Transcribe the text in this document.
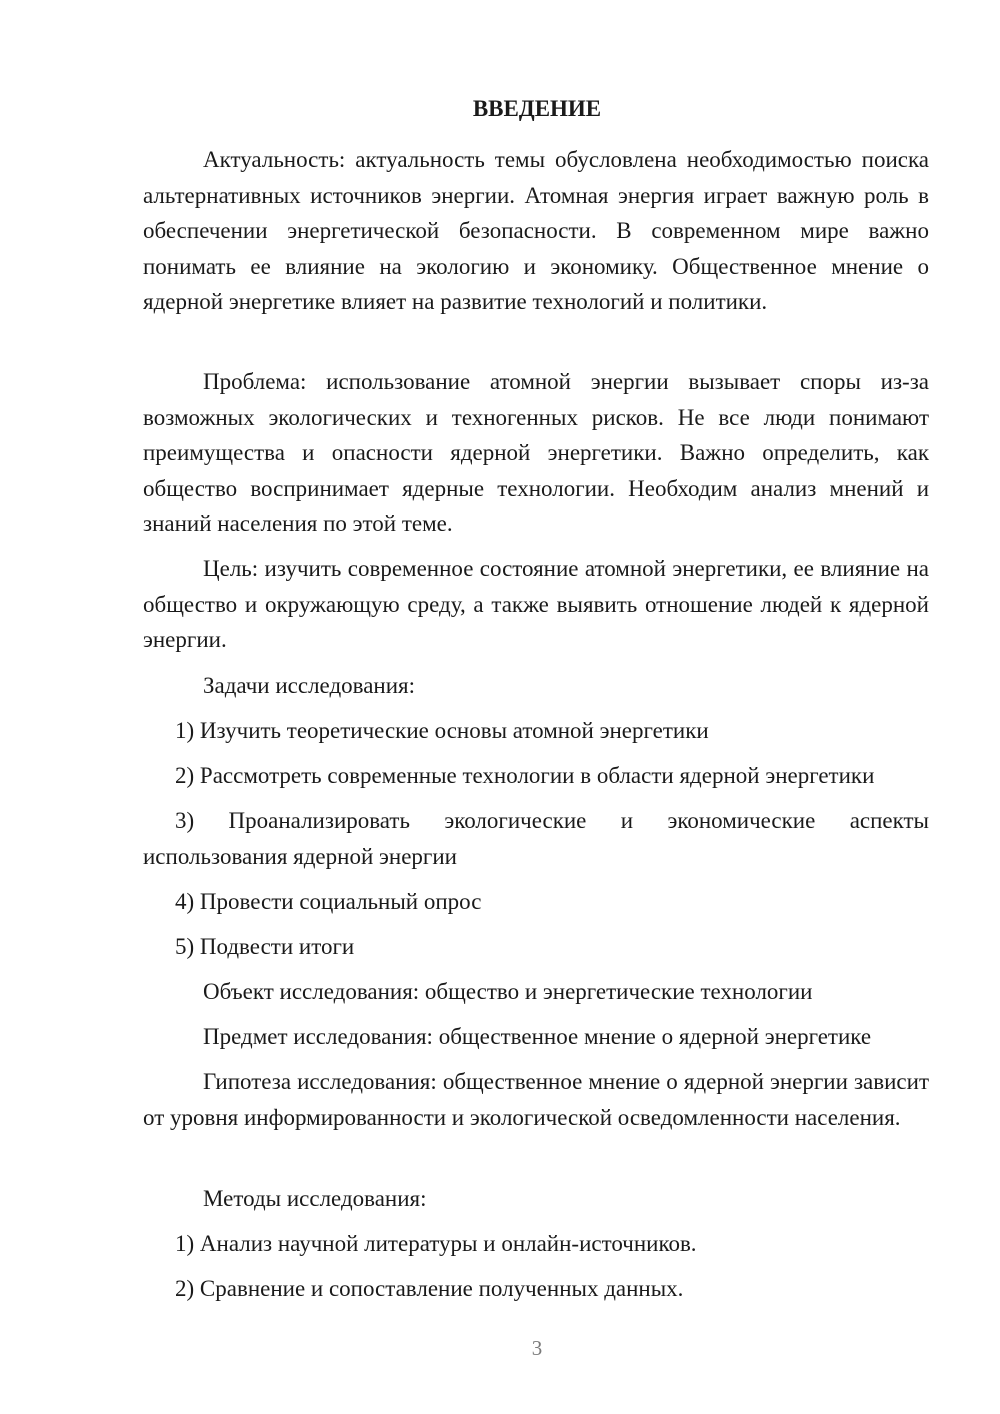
ВВЕДЕНИЕ

Актуальность: актуальность темы обусловлена необходимостью поиска альтернативных источников энергии. Атомная энергия играет важную роль в обеспечении энергетической безопасности. В современном мире важно понимать ее влияние на экологию и экономику. Общественное мнение о ядерной энергетике влияет на развитие технологий и политики.

Проблема: использование атомной энергии вызывает споры из-за возможных экологических и техногенных рисков. Не все люди понимают преимущества и опасности ядерной энергетики. Важно определить, как общество воспринимает ядерные технологии. Необходим анализ мнений и знаний населения по этой теме.

Цель: изучить современное состояние атомной энергетики, ее влияние на общество и окружающую среду, а также выявить отношение людей к ядерной энергии.

Задачи исследования:

1) Изучить теоретические основы атомной энергетики

2) Рассмотреть современные технологии в области ядерной энергетики

3) Проанализировать экологические и экономические аспекты использования ядерной энергии

4) Провести социальный опрос

5) Подвести итоги

Объект исследования: общество и энергетические технологии

Предмет исследования: общественное мнение о ядерной энергетике

Гипотеза исследования: общественное мнение о ядерной энергии зависит от уровня информированности и экологической осведомленности населения.

Методы исследования:

1) Анализ научной литературы и онлайн-источников.

2) Сравнение и сопоставление полученных данных.

3
